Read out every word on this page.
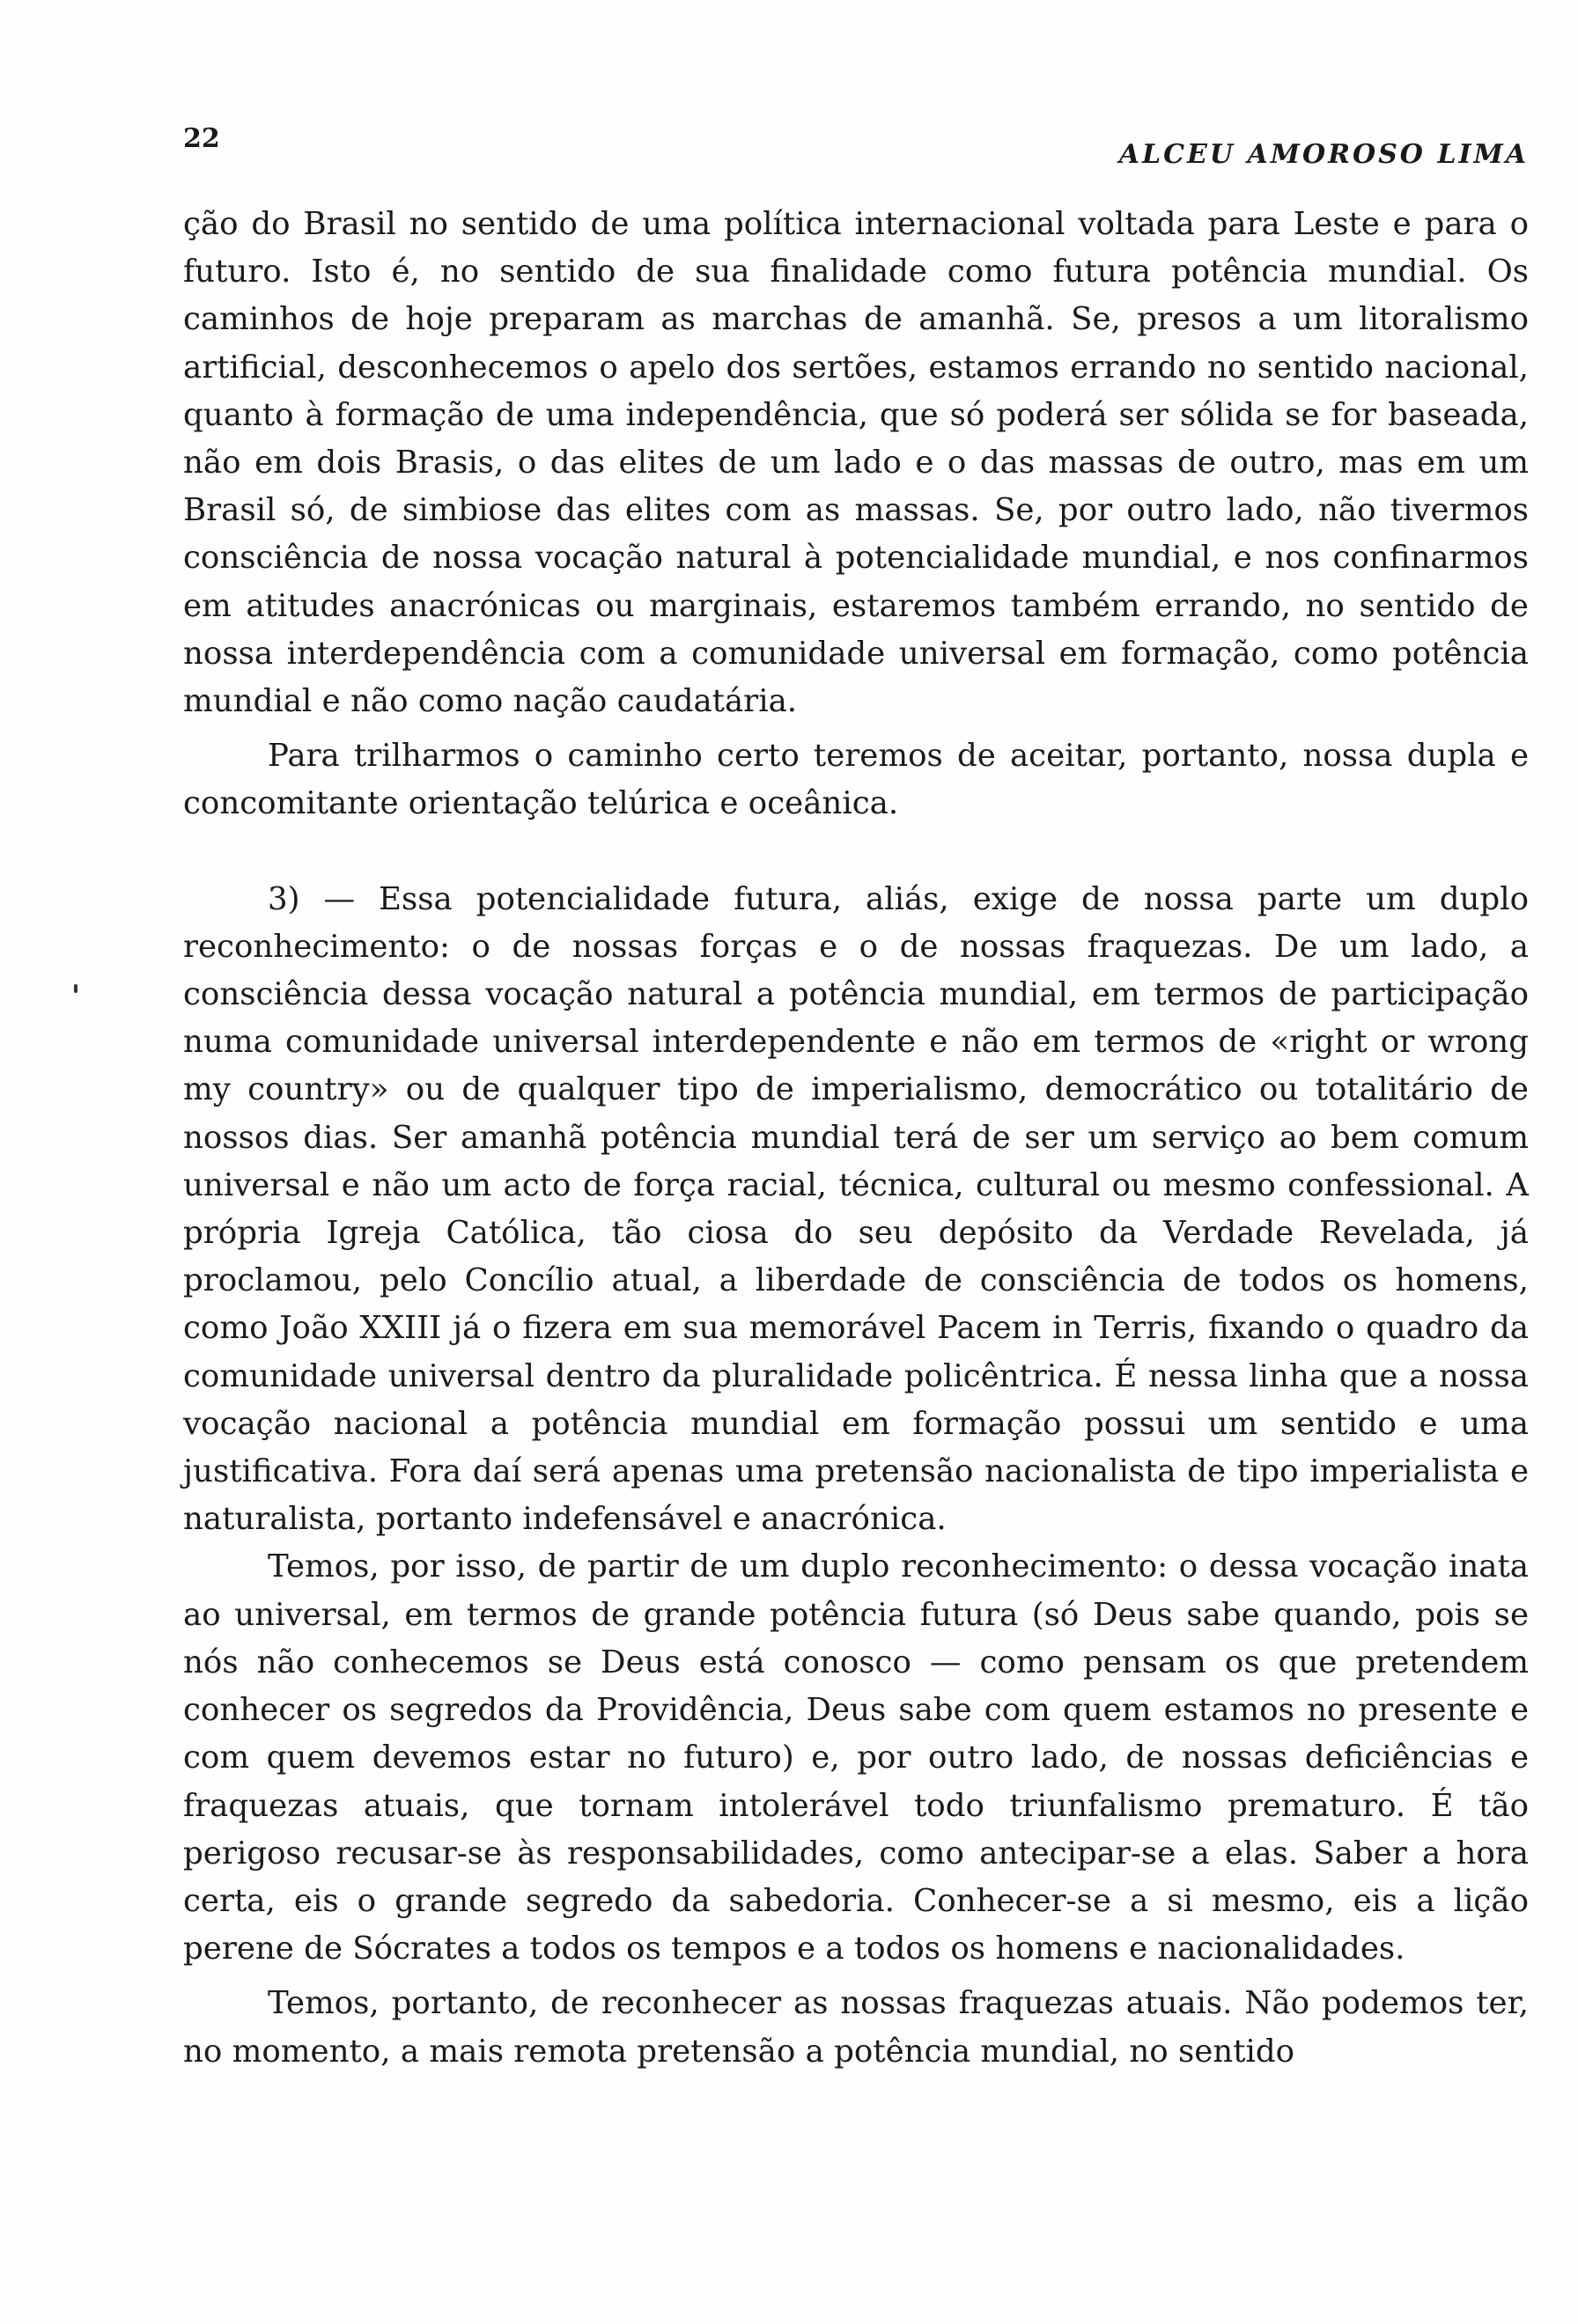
22
ALCEU AMOROSO LIMA

ção do Brasil no sentido de uma política internacional voltada para Leste e para o futuro. Isto é, no sentido de sua finalidade como futura potência mundial. Os caminhos de hoje preparam as marchas de amanhã. Se, presos a um litoralismo artificial, desconhecemos o apelo dos sertões, estamos errando no sentido nacional, quanto à formação de uma independência, que só poderá ser sólida se for baseada, não em dois Brasis, o das elites de um lado e o das massas de outro, mas em um Brasil só, de simbiose das elites com as massas. Se, por outro lado, não tivermos consciência de nossa vocação natural à potencialidade mundial, e nos confinarmos em atitudes anacrónicas ou marginais, estaremos também errando, no sentido de nossa interdependência com a comunidade universal em formação, como potência mundial e não como nação caudatária.

Para trilharmos o caminho certo teremos de aceitar, portanto, nossa dupla e concomitante orientação telúrica e oceânica.

3) — Essa potencialidade futura, aliás, exige de nossa parte um duplo reconhecimento: o de nossas forças e o de nossas fraquezas. De um lado, a consciência dessa vocação natural a potência mundial, em termos de participação numa comunidade universal interdependente e não em termos de «right or wrong my country» ou de qualquer tipo de imperialismo, democrático ou totalitário de nossos dias. Ser amanhã potência mundial terá de ser um serviço ao bem comum universal e não um acto de força racial, técnica, cultural ou mesmo confessional. A própria Igreja Católica, tão ciosa do seu depósito da Verdade Revelada, já proclamou, pelo Concílio atual, a liberdade de consciência de todos os homens, como João XXIII já o fizera em sua memorável Pacem in Terris, fixando o quadro da comunidade universal dentro da pluralidade policêntrica. É nessa linha que a nossa vocação nacional a potência mundial em formação possui um sentido e uma justificativa. Fora daí será apenas uma pretensão nacionalista de tipo imperialista e naturalista, portanto indefensável e anacrónica.

Temos, por isso, de partir de um duplo reconhecimento: o dessa vocação inata ao universal, em termos de grande potência futura (só Deus sabe quando, pois se nós não conhecemos se Deus está conosco — como pensam os que pretendem conhecer os segredos da Providência, Deus sabe com quem estamos no presente e com quem devemos estar no futuro) e, por outro lado, de nossas deficiências e fraquezas atuais, que tornam intolerável todo triunfalismo prematuro. É tão perigoso recusar-se às responsabilidades, como antecipar-se a elas. Saber a hora certa, eis o grande segredo da sabedoria. Conhecer-se a si mesmo, eis a lição perene de Sócrates a todos os tempos e a todos os homens e nacionalidades.

Temos, portanto, de reconhecer as nossas fraquezas atuais. Não podemos ter, no momento, a mais remota pretensão a potência mundial, no sentido
